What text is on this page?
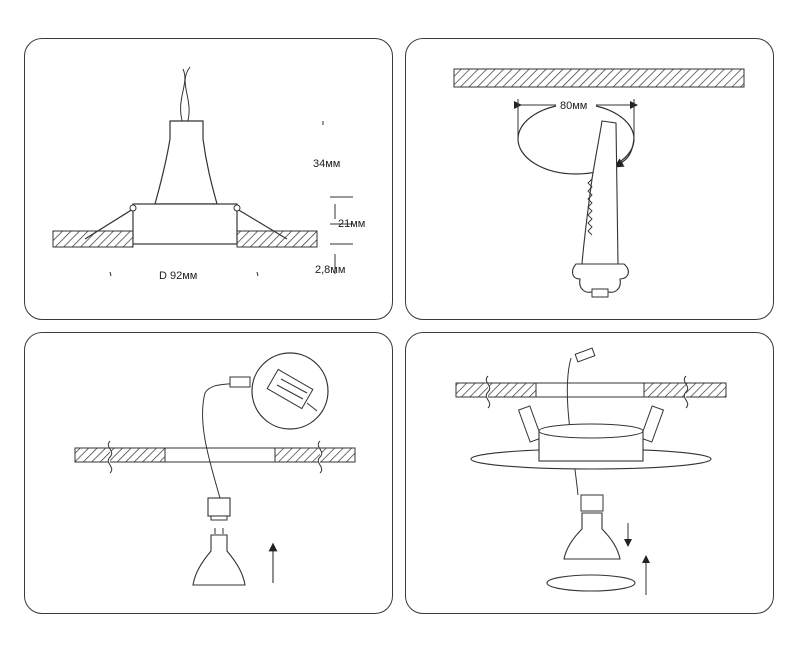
34мм
21мм
2,8мм
D 92мм
80мм
